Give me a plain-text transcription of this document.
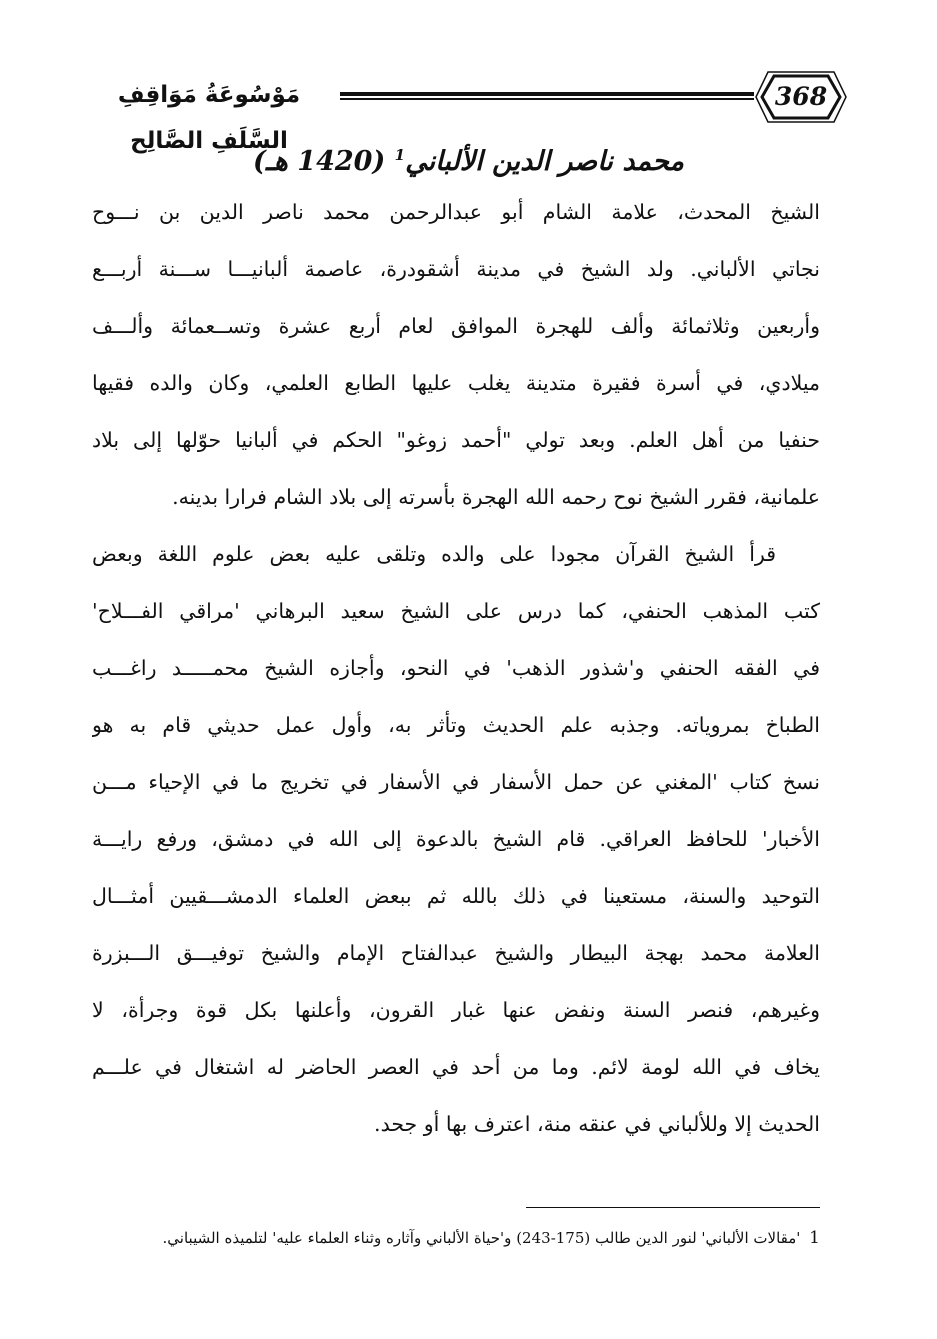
مَوْسُوعَةُ مَوَاقِفِ السَّلَفِ الصَّالِح
368
محمد ناصر الدين الألباني$^1$ (1420 هـ)
الشيخ المحدث، علامة الشام أبو عبدالرحمن محمد ناصر الدين بن نـــوح
نجاتي الألباني. ولد الشيخ في مدينة أشقودرة، عاصمة ألبانيـــا ســـنة أربـــع
وأربعين وثلاثمائة وألف للهجرة الموافق لعام أربع عشرة وتســعمائة وألـــف
ميلادي، في أسرة فقيرة متدينة يغلب عليها الطابع العلمي، وكان والده فقيها
حنفيا من أهل العلم. وبعد تولي "أحمد زوغو" الحكم في ألبانيا حوّلها إلى بلاد
علمانية، فقرر الشيخ نوح رحمه الله الهجرة بأسرته إلى بلاد الشام فرارا بدينه.
قرأ الشيخ القرآن مجودا على والده وتلقى عليه بعض علوم اللغة وبعض
كتب المذهب الحنفي، كما درس على الشيخ سعيد البرهاني 'مراقي الفـــلاح'
في الفقه الحنفي و'شذور الذهب' في النحو، وأجازه الشيخ محمـــــد راغـــب
الطباخ بمروياته. وجذبه علم الحديث وتأثر به، وأول عمل حديثي قام به هو
نسخ كتاب 'المغني عن حمل الأسفار في الأسفار في تخريج ما في الإحياء مـــن
الأخبار' للحافظ العراقي. قام الشيخ بالدعوة إلى الله في دمشق، ورفع رايـــة
التوحيد والسنة، مستعينا في ذلك بالله ثم ببعض العلماء الدمشـــقيين أمثـــال
العلامة محمد بهجة البيطار والشيخ عبدالفتاح الإمام والشيخ توفيـــق الـــبزرة
وغيرهم، فنصر السنة ونفض عنها غبار القرون، وأعلنها بكل قوة وجرأة، لا
يخاف في الله لومة لائم. وما من أحد في العصر الحاضر له اشتغال في علـــم
الحديث إلا وللألباني في عنقه منة، اعترف بها أو جحد.
1 'مقالات الألباني' لنور الدين طالب (175-243) و'حياة الألباني وآثاره وثناء العلماء عليه' لتلميذه الشيباني.
